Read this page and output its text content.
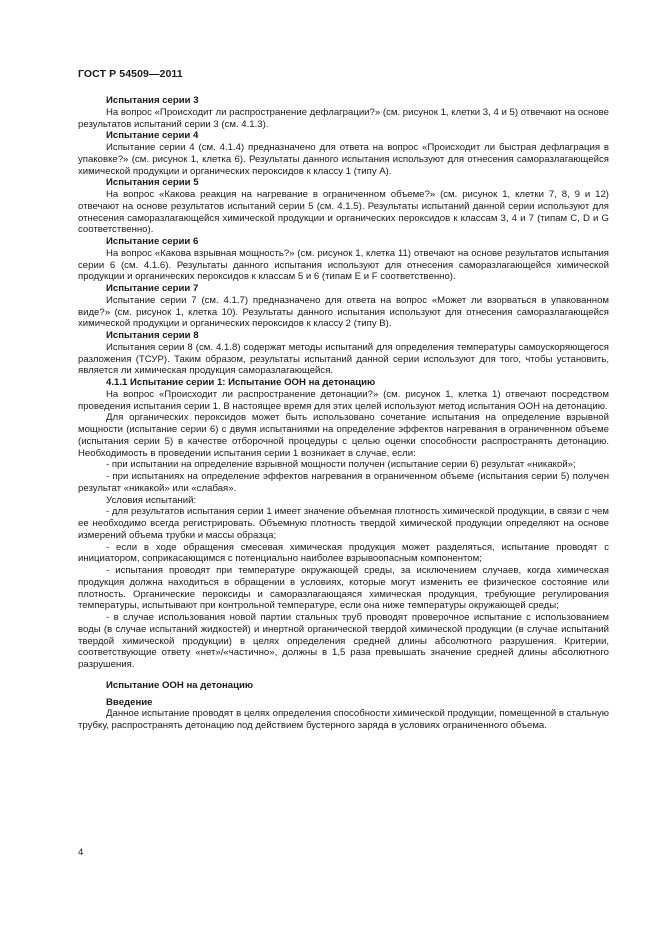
ГОСТ Р 54509—2011

Испытания серии 3

На вопрос «Происходит ли распространение дефлаграции?» (см. рисунок 1, клетки 3, 4 и 5) отвечают на основе результатов испытаний серии 3 (см. 4.1.3).

Испытание серии 4

Испытание серии 4 (см. 4.1.4) предназначено для ответа на вопрос «Происходит ли быстрая дефлаграция в упаковке?» (см. рисунок 1, клетка 6). Результаты данного испытания используют для отнесения саморазлагающейся химической продукции и органических пероксидов к классу 1 (типу А).

Испытания серии 5

На вопрос «Какова реакция на нагревание в ограниченном объеме?» (см. рисунок 1, клетки 7, 8, 9 и 12) отвечают на основе результатов испытаний серии 5 (см. 4.1.5). Результаты испытаний данной серии используют для отнесения саморазлагающейся химической продукции и органических пероксидов к классам 3, 4 и 7 (типам С, D и G соответственно).

Испытание серии 6

На вопрос «Какова взрывная мощность?» (см. рисунок 1, клетка 11) отвечают на основе результатов испытания серии 6 (см. 4.1.6). Результаты данного испытания используют для отнесения саморазлагающейся химической продукции и органических пероксидов к классам 5 и 6 (типам Е и F соответственно).

Испытание серии 7

Испытание серии 7 (см. 4.1.7) предназначено для ответа на вопрос «Может ли взорваться в упакованном виде?» (см. рисунок 1, клетка 10). Результаты данного испытания используют для отнесения саморазлагающейся химической продукции и органических пероксидов к классу 2 (типу В).

Испытания серии 8

Испытания серии 8 (см. 4.1.8) содержат методы испытаний для определения температуры самоускоряющегося разложения (ТСУР). Таким образом, результаты испытаний данной серии используют для того, чтобы установить, является ли химическая продукция саморазлагающейся.

4.1.1 Испытание серии 1: Испытание ООН на детонацию

На вопрос «Происходит ли распространение детонации?» (см. рисунок 1, клетка 1) отвечают посредством проведения испытания серии 1. В настоящее время для этих целей используют метод испытания ООН на детонацию.

Для органических пероксидов может быть использовано сочетание испытания на определение взрывной мощности (испытание серии 6) с двумя испытаниями на определение эффектов нагревания в ограниченном объеме (испытания серии 5) в качестве отборочной процедуры с целью оценки способности распространять детонацию. Необходимость в проведении испытания серии 1 возникает в случае, если:

- при испытании на определение взрывной мощности получен (испытание серии 6) результат «никакой»;

- при испытаниях на определение эффектов нагревания в ограниченном объеме (испытания серии 5) получен результат «никакой» или «слабая».

Условия испытаний:

- для результатов испытания серии 1 имеет значение объемная плотность химической продукции, в связи с чем ее необходимо всегда регистрировать. Объемную плотность твердой химической продукции определяют на основе измерений объема трубки и массы образца;

- если в ходе обращения смесевая химическая продукция может разделяться, испытание проводят с инициатором, соприкасающимся с потенциально наиболее взрывоопасным компонентом;

- испытания проводят при температуре окружающей среды, за исключением случаев, когда химическая продукция должна находиться в обращении в условиях, которые могут изменить ее физическое состояние или плотность. Органические пероксиды и саморазлагающаяся химическая продукция, требующие регулирования температуры, испытывают при контрольной температуре, если она ниже температуры окружающей среды;

- в случае использования новой партии стальных труб проводят проверочное испытание с использованием воды (в случае испытаний жидкостей) и инертной органической твердой химической продукции (в случае испытаний твердой химической продукции) в целях определения средней длины абсолютного разрушения. Критерии, соответствующие ответу «нет»/«частично», должны в 1,5 раза превышать значение средней длины абсолютного разрушения.

Испытание ООН на детонацию

Введение

Данное испытание проводят в целях определения способности химической продукции, помещенной в стальную трубку, распространять детонацию под действием бустерного заряда в условиях ограниченного объема.

4
